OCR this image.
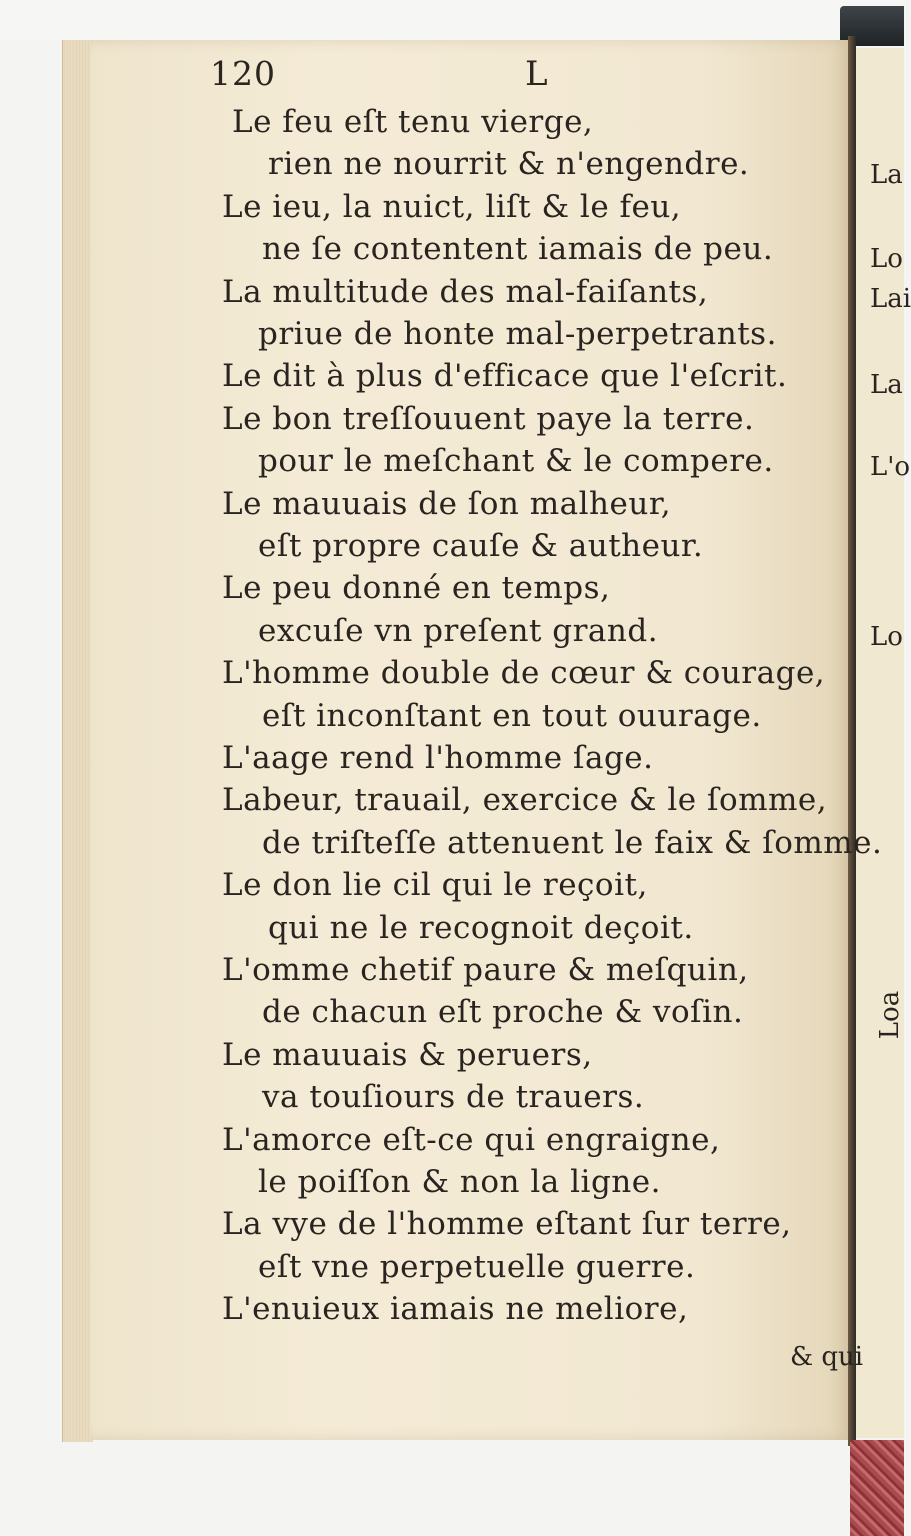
120	L
Le feu eſt tenu vierge,
rien ne nourrit & n'engendre.
Le ieu, la nuict, liſt & le feu,
ne ſe contentent iamais de peu.
La multitude des mal-faiſants,
priue de honte mal-perpetrants.
Le dit à plus d'efficace que l'eſcrit.
Le bon treſſouuent paye la terre.
pour le meſchant & le compere.
Le mauuais de ſon malheur,
eſt propre cauſe & autheur.
Le peu donné en temps,
excuſe vn preſent grand.
L'homme double de cœur & courage,
eſt inconſtant en tout ouurage.
L'aage rend l'homme ſage.
Labeur, trauail, exercice & le ſomme,
de triſteſſe attenuent le faix & ſomme.
Le don lie cil qui le reçoit,
qui ne le recognoit deçoit.
L'omme chetif paure & meſquin,
de chacun eſt proche & voſin.
Le mauuais & peruers,
va touſiours de trauers.
L'amorce eſt-ce qui engraigne,
le poiſſon & non la ligne.
La vye de l'homme eſtant ſur terre,
eſt vne perpetuelle guerre.
L'enuieux iamais ne meliore,
& qui
La
Lo
Lai
La
L'o
Lo
Loa
